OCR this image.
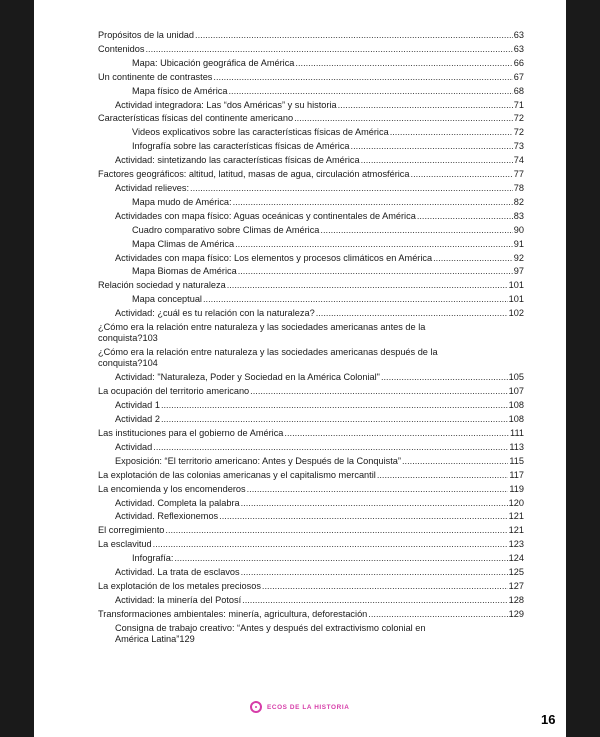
Propósitos de la unidad .....	63
Contenidos .....	63
Mapa: Ubicación geográfica de América .....	66
Un continente de contrastes .....	67
Mapa físico de América .....	68
Actividad integradora: Las “dos Américas” y su historia .....	71
Características físicas del continente americano .....	72
Videos explicativos sobre las características físicas de América .....	72
Infografía sobre las características físicas de América .....	73
Actividad: sintetizando las características físicas de América .....	74
Factores geográficos: altitud, latitud, masas de agua, circulación atmosférica .....	77
Actividad relieves: .....	78
Mapa mudo de América: .....	82
Actividades con mapa físico: Aguas oceánicas y continentales de América .....	83
Cuadro comparativo sobre Climas de América .....	90
Mapa Climas de América .....	91
Actividades con mapa físico: Los elementos y procesos climáticos en América .....	92
Mapa Biomas de América .....	97
Relación sociedad y naturaleza .....	101
Mapa conceptual .....	101
Actividad: ¿cuál es tu relación con la naturaleza? .....	102
¿Cómo era la relación entre naturaleza y las sociedades americanas antes de la
conquista? 103
¿Cómo era la relación entre naturaleza y las sociedades americanas después de la
conquista? 104
Actividad: "Naturaleza, Poder y Sociedad en la América Colonial" .....	105
La ocupación del territorio americano .....	107
Actividad 1 .....	108
Actividad 2 .....	108
Las instituciones para el gobierno de América .....	111
Actividad .....	113
Exposición: “El territorio americano: Antes y Después de la Conquista” .....	115
La explotación de las colonias americanas y el capitalismo mercantil .....	117
La encomienda y los encomenderos .....	119
Actividad. Completa la palabra .....	120
Actividad. Reflexionemos .....	121
El corregimiento .....	121
La esclavitud .....	123
Infografía: .....	124
Actividad. La trata de esclavos .....	125
La explotación de los metales preciosos .....	127
Actividad: la minería del Potosí .....	128
Transformaciones ambientales: minería, agricultura, deforestación .....	129
Consigna de trabajo creativo: “Antes y después del extractivismo colonial en
América Latina” 129
ECOS DE LA HISTORIA
16
